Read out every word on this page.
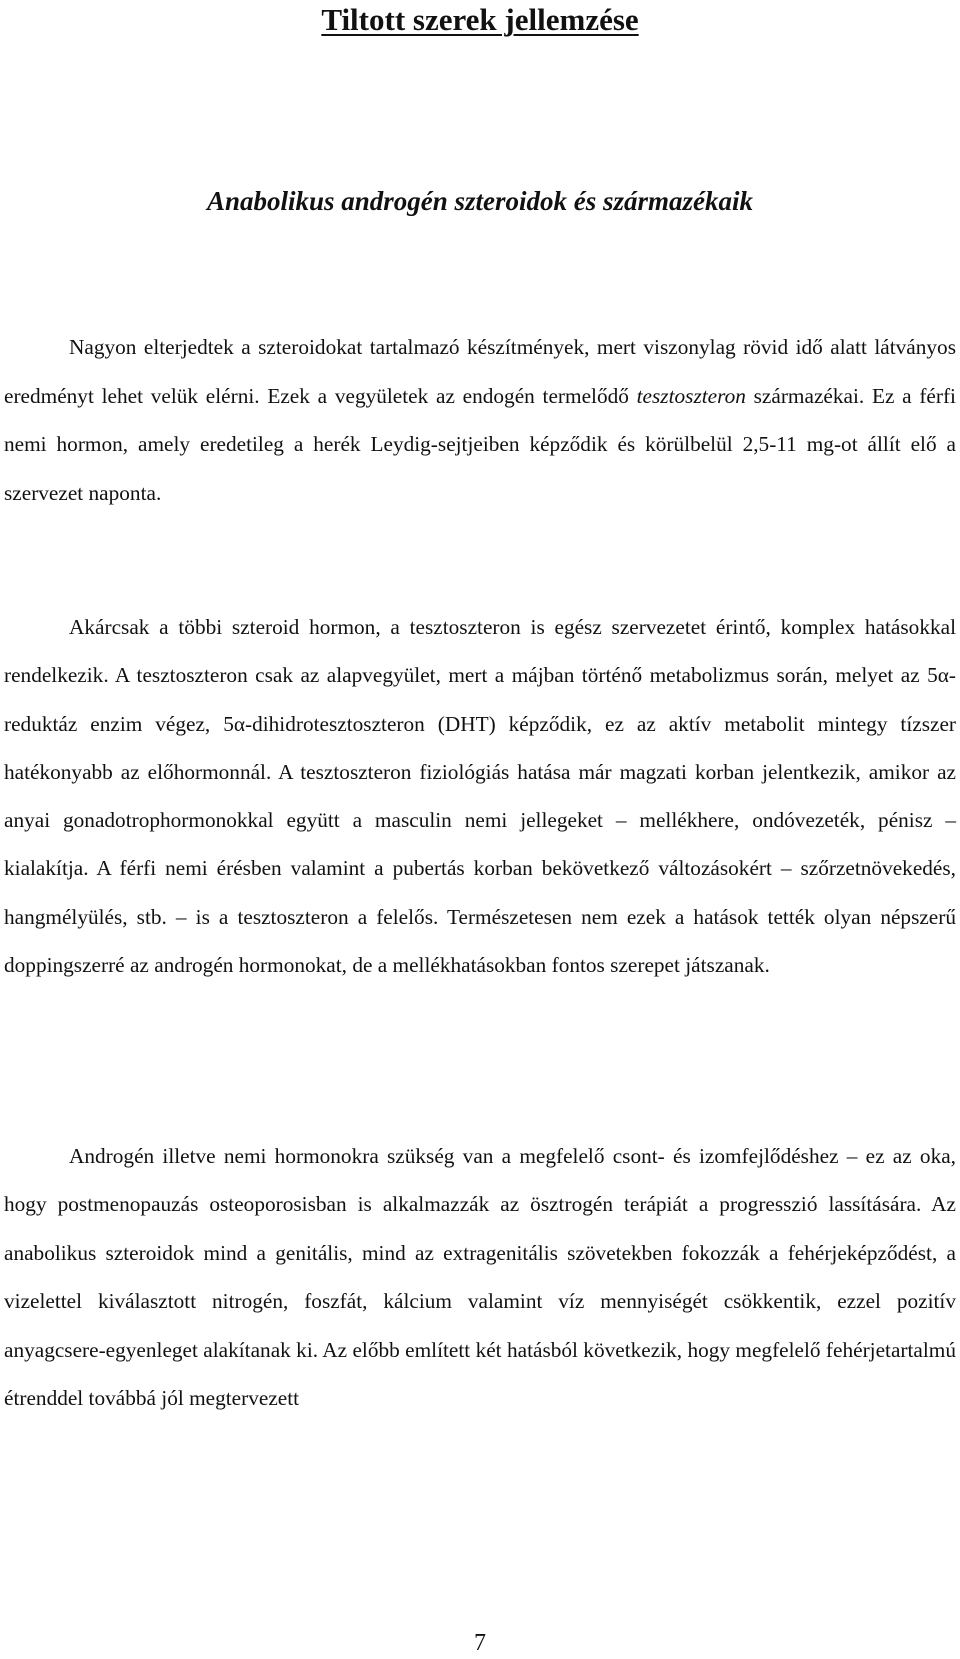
Tiltott szerek jellemzése
Anabolikus androgén szteroidok és származékaik

Nagyon elterjedtek a szteroidokat tartalmazó készítmények, mert viszonylag rövid idő alatt látványos eredményt lehet velük elérni. Ezek a vegyületek az endogén termelődő tesztoszteron származékai. Ez a férfi nemi hormon, amely eredetileg a herék Leydig-sejtjeiben képződik és körülbelül 2,5-11 mg-ot állít elő a szervezet naponta.

Akárcsak a többi szteroid hormon, a tesztoszteron is egész szervezetet érintő, komplex hatásokkal rendelkezik. A tesztoszteron csak az alapvegyület, mert a májban történő metabolizmus során, melyet az 5α-reduktáz enzim végez, 5α-dihidrotesztoszteron (DHT) képződik, ez az aktív metabolit mintegy tízszer hatékonyabb az előhormonnál. A tesztoszteron fiziológiás hatása már magzati korban jelentkezik, amikor az anyai gonadotrophormonokkal együtt a masculin nemi jellegeket – mellékhere, ondóvezeték, pénisz – kialakítja. A férfi nemi érésben valamint a pubertás korban bekövetkező változásokért – szőrzetnövekedés, hangmélyülés, stb. – is a tesztoszteron a felelős. Természetesen nem ezek a hatások tették olyan népszerű doppingszerré az androgén hormonokat, de a mellékhatásokban fontos szerepet játszanak.

Androgén illetve nemi hormonokra szükség van a megfelelő csont- és izomfejlődéshez – ez az oka, hogy postmenopauzás osteoporosisban is alkalmazzák az ösztrogén terápiát a progresszió lassítására. Az anabolikus szteroidok mind a genitális, mind az extragenitális szövetekben fokozzák a fehérjeképződést, a vizelettel kiválasztott nitrogén, foszfát, kálcium valamint víz mennyiségét csökkentik, ezzel pozitív anyagcsere-egyenleget alakítanak ki. Az előbb említett két hatásból következik, hogy megfelelő fehérjetartalmú étrenddel továbbá jól megtervezett

7
